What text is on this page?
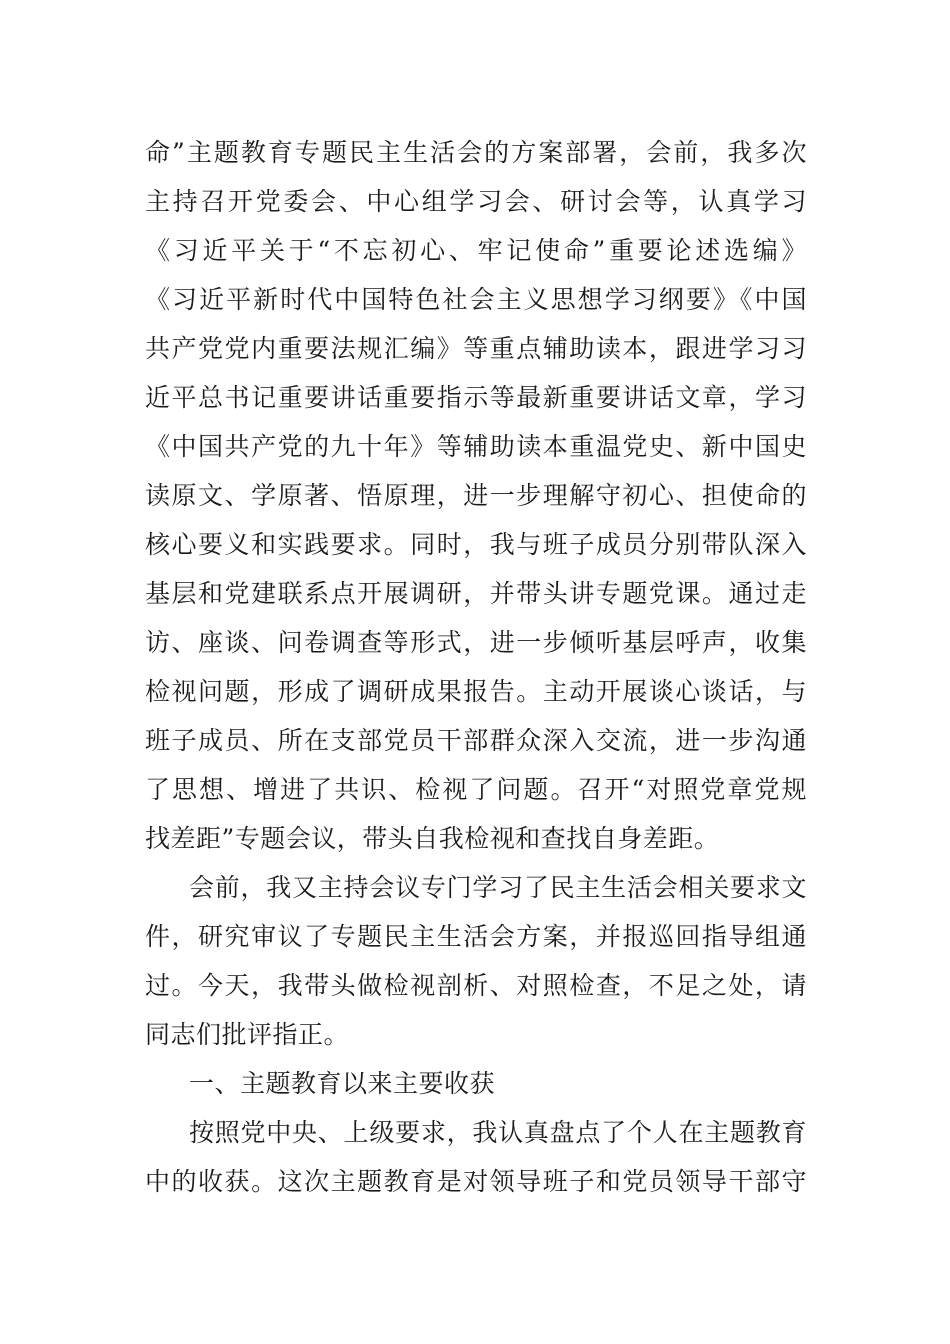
命”主题教育专题民主生活会的方案部署，会前，我多次
主持召开党委会、中心组学习会、研讨会等，认真学习
《习近平关于“不忘初心、牢记使命”重要论述选编》
《习近平新时代中国特色社会主义思想学习纲要》《中国
共产党党内重要法规汇编》等重点辅助读本，跟进学习习
近平总书记重要讲话重要指示等最新重要讲话文章，学习
《中国共产党的九十年》等辅助读本重温党史、新中国史
读原文、学原著、悟原理，进一步理解守初心、担使命的
核心要义和实践要求。同时，我与班子成员分别带队深入
基层和党建联系点开展调研，并带头讲专题党课。通过走
访、座谈、问卷调查等形式，进一步倾听基层呼声，收集
检视问题，形成了调研成果报告。主动开展谈心谈话，与
班子成员、所在支部党员干部群众深入交流，进一步沟通
了思想、增进了共识、检视了问题。召开“对照党章党规
找差距”专题会议，带头自我检视和查找自身差距。
会前，我又主持会议专门学习了民主生活会相关要求文
件，研究审议了专题民主生活会方案，并报巡回指导组通
过。今天，我带头做检视剖析、对照检查，不足之处，请
同志们批评指正。
一、主题教育以来主要收获
按照党中央、上级要求，我认真盘点了个人在主题教育
中的收获。这次主题教育是对领导班子和党员领导干部守
